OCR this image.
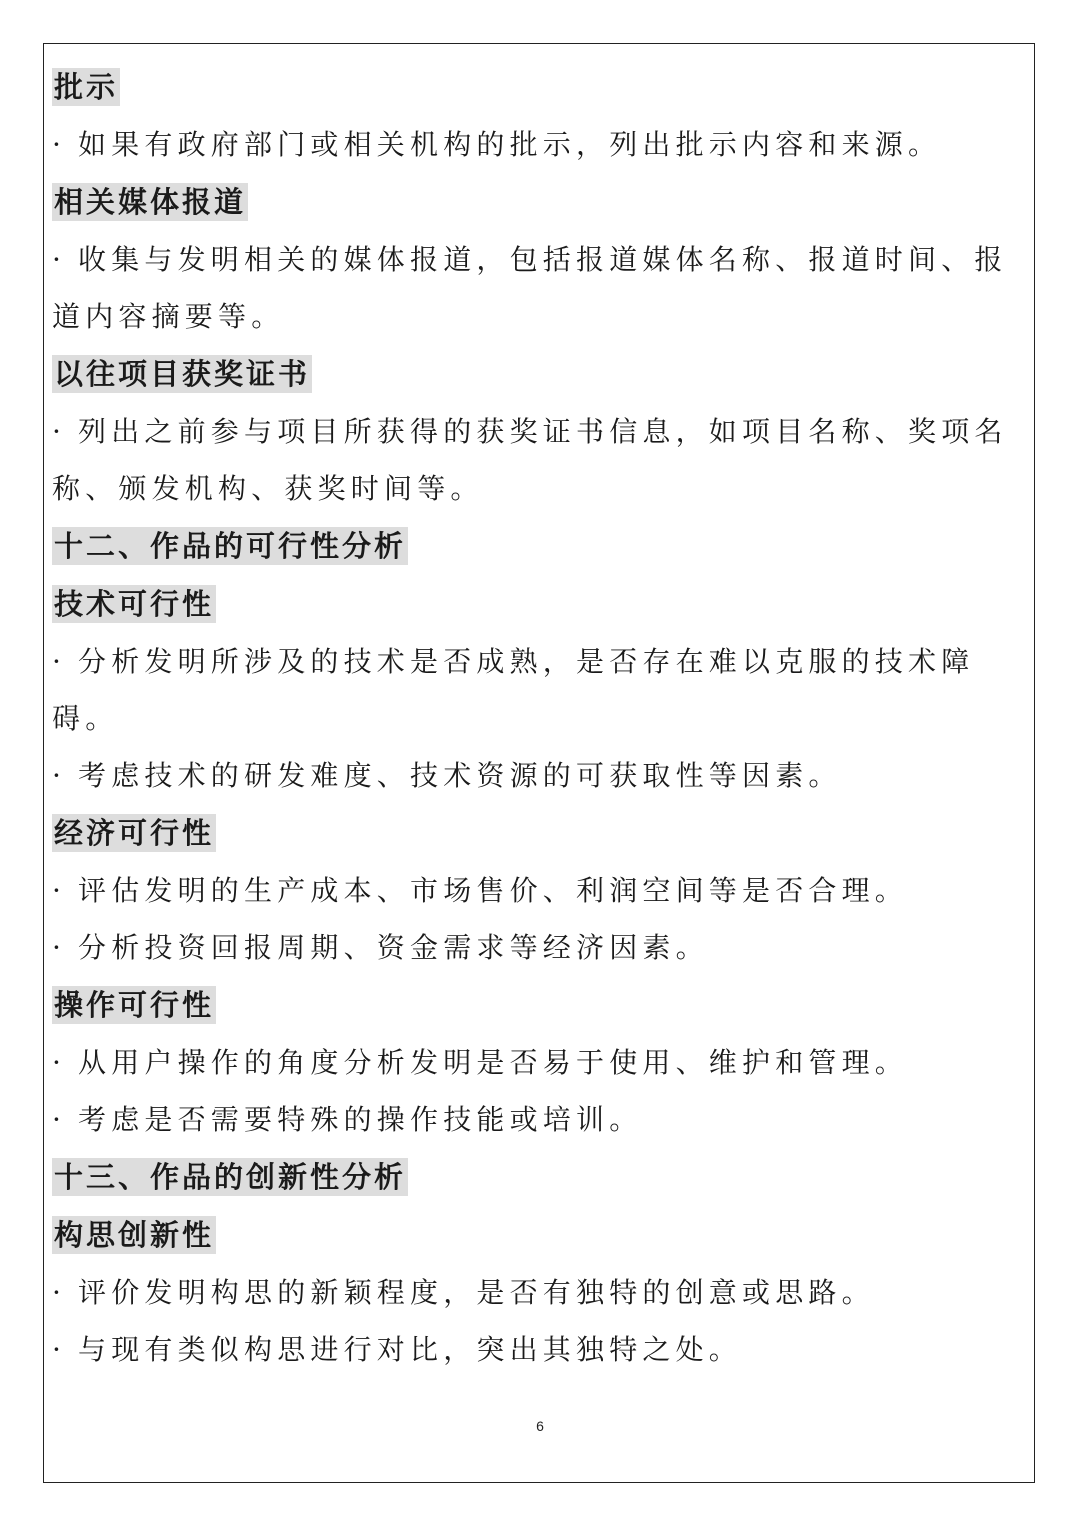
批示

· 如果有政府部门或相关机构的批示，列出批示内容和来源。

相关媒体报道

· 收集与发明相关的媒体报道，包括报道媒体名称、报道时间、报道内容摘要等。

以往项目获奖证书

· 列出之前参与项目所获得的获奖证书信息，如项目名称、奖项名称、颁发机构、获奖时间等。

十二、作品的可行性分析
技术可行性

· 分析发明所涉及的技术是否成熟，是否存在难以克服的技术障碍。

· 考虑技术的研发难度、技术资源的可获取性等因素。

经济可行性

· 评估发明的生产成本、市场售价、利润空间等是否合理。

· 分析投资回报周期、资金需求等经济因素。

操作可行性

· 从用户操作的角度分析发明是否易于使用、维护和管理。

· 考虑是否需要特殊的操作技能或培训。

十三、作品的创新性分析
构思创新性

· 评价发明构思的新颖程度，是否有独特的创意或思路。

· 与现有类似构思进行对比，突出其独特之处。

6
